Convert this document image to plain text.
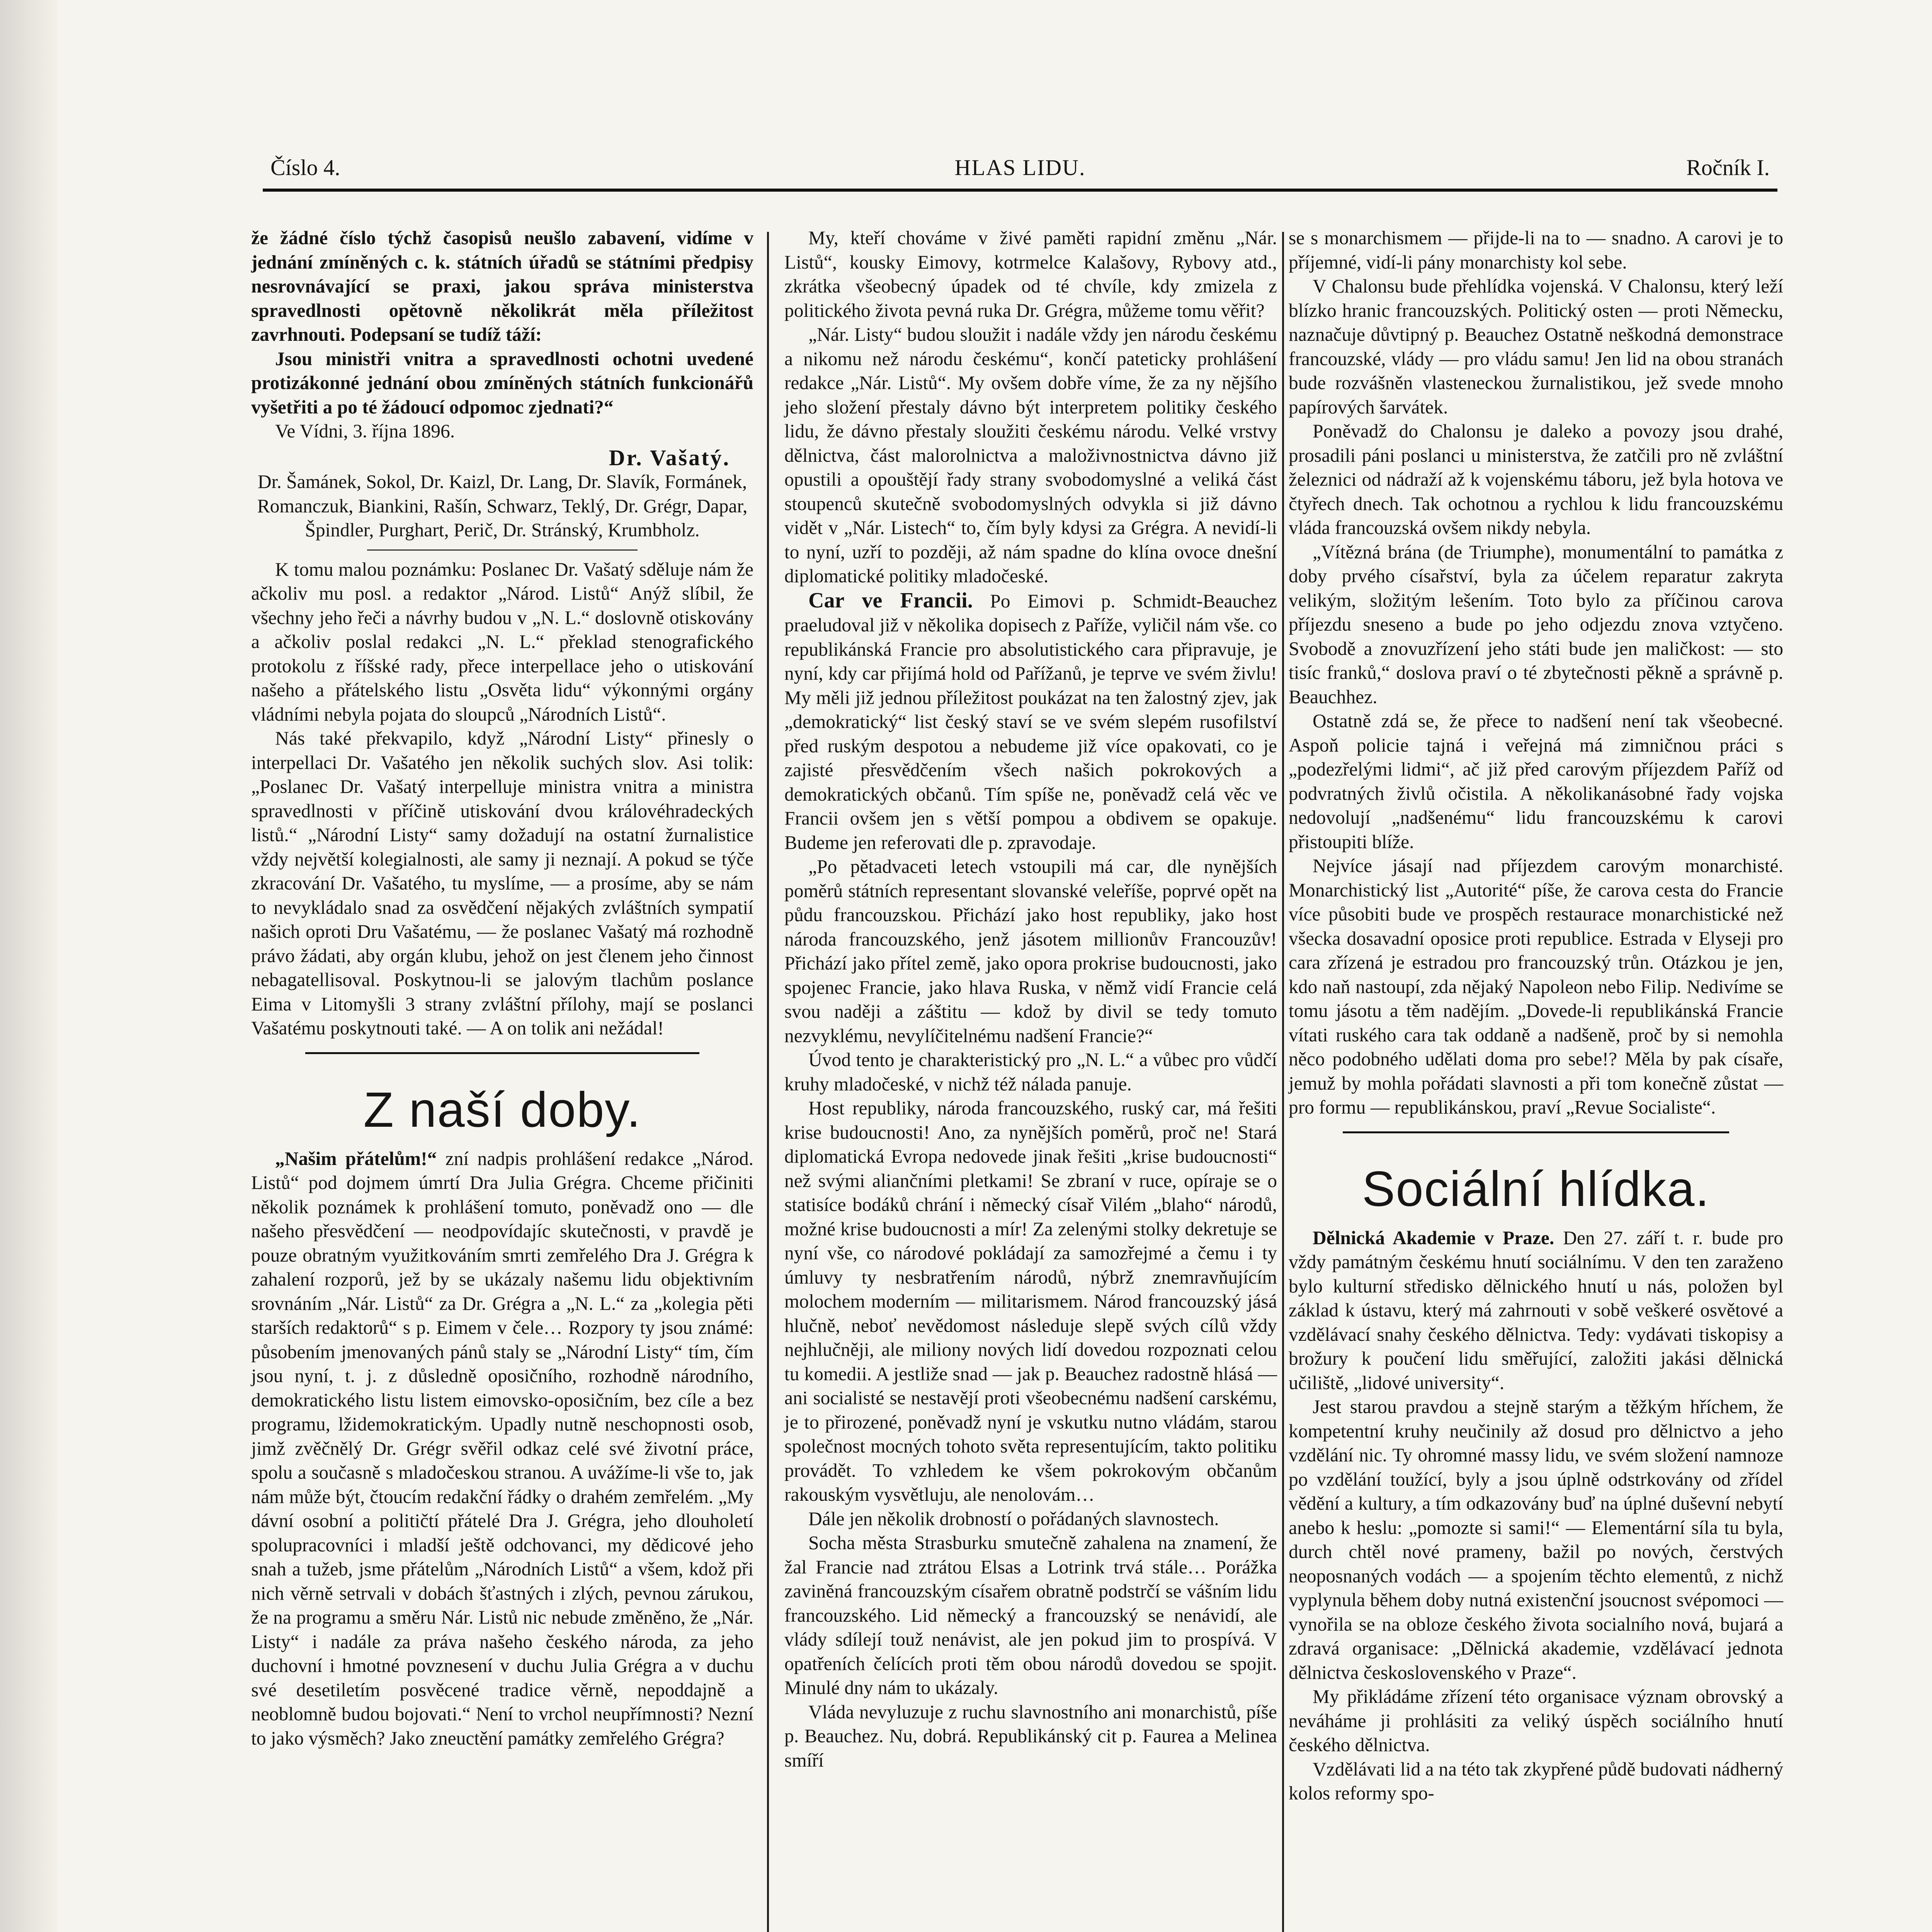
HLAS LIDU.
Číslo 4.	Ročník I.

že žádné číslo týchž časopisů neušlo zabavení, vidíme v jednání zmíněných c. k. státních úřadů se státními předpisy nesrovnávající se praxi, jakou správa ministerstva spravedlnosti opětovně několikrát měla příležitost zavrhnouti. Podepsaní se tudíž táží:

Jsou ministři vnitra a spravedlnosti ochotni uvedené protizákonné jednání obou zmíněných státních funkcionářů vyšetřiti a po té žádoucí odpomoc zjednati?“

Ve Vídni, 3. října 1896.

Dr. Vašatý.

Dr. Šamánek, Sokol, Dr. Kaizl, Dr. Lang, Dr. Slavík, Formánek, Romanczuk, Biankini, Rašín, Schwarz, Teklý, Dr. Grégr, Dapar, Špindler, Purghart, Perič, Dr. Stránský, Krumbholz.

K tomu malou poznámku: Poslanec Dr. Vašatý sděluje nám že ačkoliv mu posl. a redaktor „Národ. Listů“ Anýž slíbil, že všechny jeho řeči a návrhy budou v „N. L.“ doslovně otiskovány a ačkoliv poslal redakci „N. L.“ překlad stenografického protokolu z říšské rady, přece interpellace jeho o utiskování našeho a přátelského listu „Osvěta lidu“ výkonnými orgány vládními nebyla pojata do sloupců „Národních Listů“.

Nás také překvapilo, když „Národní Listy“ přinesly o interpellaci Dr. Vašatého jen několik suchých slov. Asi tolik: „Poslanec Dr. Vašatý interpelluje ministra vnitra a ministra spravedlnosti v příčině utiskování dvou královéhradeckých listů.“ „Národní Listy“ samy dožadují na ostatní žurnalistice vždy největší kolegialnosti, ale samy ji neznají. A pokud se týče zkracování Dr. Vašatého, tu myslíme, — a prosíme, aby se nám to nevykládalo snad za osvědčení nějakých zvláštních sympatií našich oproti Dru Vašatému, — že poslanec Vašatý má rozhodně právo žádati, aby orgán klubu, jehož on jest členem jeho činnost nebagatellisoval. Poskytnou-li se jalovým tlachům poslance Eima v Litomyšli 3 strany zvláštní přílohy, mají se poslanci Vašatému poskytnouti také. — A on tolik ani nežádal!

Z naší doby.

„Našim přátelům!“ zní nadpis prohlášení redakce „Národ. Listů“ pod dojmem úmrtí Dra Julia Grégra. Chceme přičiniti několik poznámek k prohlášení tomuto, poněvadž ono — dle našeho přesvědčení — neodpovídajíc skutečnosti, v pravdě je pouze obratným využitkováním smrti zemřelého Dra J. Grégra k zahalení rozporů, jež by se ukázaly našemu lidu objektivním srovnáním „Nár. Listů“ za Dr. Grégra a „N. L.“ za „kolegia pěti starších redaktorů“ s p. Eimem v čele… Rozpory ty jsou známé: působením jmenovaných pánů staly se „Národní Listy“ tím, čím jsou nyní, t. j. z důsledně oposičního, rozhodně národního, demokratického listu listem eimovsko-oposičním, bez cíle a bez programu, lžidemokratickým. Upadly nutně neschopnosti osob, jimž zvěčnělý Dr. Grégr svěřil odkaz celé své životní práce, spolu a současně s mladočeskou stranou. A uvážíme-li vše to, jak nám může být, čtoucím redakční řádky o drahém zemřelém. „My dávní osobní a političtí přátelé Dra J. Grégra, jeho dlouholetí spolupracovníci i mladší ještě odchovanci, my dědicové jeho snah a tužeb, jsme přátelům „Národních Listů“ a všem, kdož při nich věrně setrvali v dobách šťastných i zlých, pevnou zárukou, že na programu a směru Nár. Listů nic nebude změněno, že „Nár. Listy“ i nadále za práva našeho českého národa, za jeho duchovní i hmotné povznesení v duchu Julia Grégra a v duchu své desetiletím posvěcené tradice věrně, nepoddajně a neoblomně budou bojovati.“ Není to vrchol neupřímnosti? Nezní to jako výsměch? Jako zneuctění památky zemřelého Grégra?

My, kteří chováme v živé paměti rapidní změnu „Nár. Listů“, kousky Eimovy, kotrmelce Kalašovy, Rybovy atd., zkrátka všeobecný úpadek od té chvíle, kdy zmizela z politického života pevná ruka Dr. Grégra, můžeme tomu věřit?

„Nár. Listy“ budou sloužit i nadále vždy jen národu českému a nikomu než národu českému“, končí pateticky prohlášení redakce „Nár. Listů“. My ovšem dobře víme, že za ny nějšího jeho složení přestaly dávno být interpretem politiky českého lidu, že dávno přestaly sloužiti českému národu. Velké vrstvy dělnictva, část malorolnictva a maloživnostnictva dávno již opustili a opouštějí řady strany svobodomyslné a veliká část stoupenců skutečně svobodomyslných odvykla si již dávno vidět v „Nár. Listech“ to, čím byly kdysi za Grégra. A nevidí-li to nyní, uzří to později, až nám spadne do klína ovoce dnešní diplomatické politiky mladočeské.

Car ve Francii. Po Eimovi p. Schmidt-Beauchez praeludoval již v několika dopisech z Paříže, vyličil nám vše. co republikánská Francie pro absolutistického cara připravuje, je nyní, kdy car přijímá hold od Pařížanů, je teprve ve svém živlu! My měli již jednou příležitost poukázat na ten žalostný zjev, jak „demokratický“ list český staví se ve svém slepém rusofilství před ruským despotou a nebudeme již více opakovati, co je zajisté přesvědčením všech našich pokrokových a demokratických občanů. Tím spíše ne, poněvadž celá věc ve Francii ovšem jen s větší pompou a obdivem se opakuje. Budeme jen referovati dle p. zpravodaje.

„Po pětadvaceti letech vstoupili má car, dle nynějších poměrů státních representant slovanské veleříše, poprvé opět na půdu francouzskou. Přichází jako host republiky, jako host národa francouzského, jenž jásotem millionův Francouzův! Přichází jako přítel země, jako opora prokrise budoucnosti, jako spojenec Francie, jako hlava Ruska, v němž vidí Francie celá svou naději a záštitu — kdož by divil se tedy tomuto nezvyklému, nevylíčitelnému nadšení Francie?“

Úvod tento je charakteristický pro „N. L.“ a vůbec pro vůdčí kruhy mladočeské, v nichž též nálada panuje.

Host republiky, národa francouzského, ruský car, má řešiti krise budoucnosti! Ano, za nynějších poměrů, proč ne! Stará diplomatická Evropa nedovede jinak řešiti „krise budoucnosti“ než svými aliančními pletkami! Se zbraní v ruce, opíraje se o statisíce bodáků chrání i německý císař Vilém „blaho“ národů, možné krise budoucnosti a mír! Za zelenými stolky dekretuje se nyní vše, co národové pokládají za samozřejmé a čemu i ty úmluvy ty nesbratřením národů, nýbrž znemravňujícím molochem moderním — militarismem. Národ francouzský jásá hlučně, neboť nevědomost následuje slepě svých cílů vždy nejhlučněji, ale miliony nových lidí dovedou rozpoznati celou tu komedii. A jestliže snad — jak p. Beauchez radostně hlásá — ani socialisté se nestavějí proti všeobecnému nadšení carskému, je to přirozené, poněvadž nyní je vskutku nutno vládám, starou společnost mocných tohoto světa representujícím, takto politiku provádět. To vzhledem ke všem pokrokovým občanům rakouským vysvětluju, ale nenolovám…

Dále jen několik drobností o pořádaných slavnostech.

Socha města Strasburku smutečně zahalena na znamení, že žal Francie nad ztrátou Elsas a Lotrink trvá stále… Porážka zaviněná francouzským císařem obratně podstrčí se vášním lidu francouzského. Lid německý a francouzský se nenávidí, ale vlády sdílejí touž nenávist, ale jen pokud jim to prospívá. V opatřeních čelících proti těm obou národů dovedou se spojit. Minulé dny nám to ukázaly.

Vláda nevyluzuje z ruchu slavnostního ani monarchistů, píše p. Beauchez. Nu, dobrá. Republikánský cit p. Faurea a Melinea smíří

se s monarchismem — přijde-li na to — snadno. A carovi je to příjemné, vidí-li pány monarchisty kol sebe.

V Chalonsu bude přehlídka vojenská. V Chalonsu, který leží blízko hranic francouzských. Politický osten — proti Německu, naznačuje důvtipný p. Beauchez Ostatně neškodná demonstrace francouzské, vlády — pro vládu samu! Jen lid na obou stranách bude rozvášněn vlasteneckou žurnalistikou, jež svede mnoho papírových šarvátek.

Poněvadž do Chalonsu je daleko a povozy jsou drahé, prosadili páni poslanci u ministerstva, že zatčili pro ně zvláštní železnici od nádraží až k vojenskému táboru, jež byla hotova ve čtyřech dnech. Tak ochotnou a rychlou k lidu francouzskému vláda francouzská ovšem nikdy nebyla.

„Vítězná brána (de Triumphe), monumentální to památka z doby prvého císařství, byla za účelem reparatur zakryta velikým, složitým lešením. Toto bylo za příčinou carova příjezdu sneseno a bude po jeho odjezdu znova vztyčeno. Svobodě a znovuzřízení jeho státi bude jen maličkost: — sto tisíc franků,“ doslova praví o té zbytečnosti pěkně a správně p. Beauchhez.

Ostatně zdá se, že přece to nadšení není tak všeobecné. Aspoň policie tajná i veřejná má zimničnou práci s „podezřelými lidmi“, ač již před carovým příjezdem Paříž od podvratných živlů očistila. A několikanásobné řady vojska nedovolují „nadšenému“ lidu francouzskému k carovi přistoupiti blíže.

Nejvíce jásají nad příjezdem carovým monarchisté. Monarchistický list „Autorité“ píše, že carova cesta do Francie více působiti bude ve prospěch restaurace monarchistické než všecka dosavadní oposice proti republice. Estrada v Elyseji pro cara zřízená je estradou pro francouzský trůn. Otázkou je jen, kdo naň nastoupí, zda nějaký Napoleon nebo Filip. Nedivíme se tomu jásotu a těm nadějím. „Dovede-li republikánská Francie vítati ruského cara tak oddaně a nadšeně, proč by si nemohla něco podobného udělati doma pro sebe!? Měla by pak císaře, jemuž by mohla pořádati slavnosti a při tom konečně zůstat — pro formu — republikánskou, praví „Revue Socialiste“.

Sociální hlídka.

Dělnická Akademie v Praze. Den 27. září t. r. bude pro vždy památným českému hnutí sociálnímu. V den ten zaraženo bylo kulturní středisko dělnického hnutí u nás, položen byl základ k ústavu, který má zahrnouti v sobě veškeré osvětové a vzdělávací snahy českého dělnictva. Tedy: vydávati tiskopisy a brožury k poučení lidu směřující, založiti jakási dělnická učiliště, „lidové university“.

Jest starou pravdou a stejně starým a těžkým hříchem, že kompetentní kruhy neučinily až dosud pro dělnictvo a jeho vzdělání nic. Ty ohromné massy lidu, ve svém složení namnoze po vzdělání toužící, byly a jsou úplně odstrkovány od zřídel vědění a kultury, a tím odkazovány buď na úplné duševní nebytí anebo k heslu: „pomozte si sami!“ — Elementární síla tu byla, durch chtěl nové prameny, bažil po nových, čerstvých neoposnaných vodách — a spojením těchto elementů, z nichž vyplynula během doby nutná existenční jsoucnost svépomoci — vynořila se na obloze českého života socialního nová, bujará a zdravá organisace: „Dělnická akademie, vzdělávací jednota dělnictva československého v Praze“.

My přikládáme zřízení této organisace význam obrovský a neváháme ji prohlásiti za veliký úspěch sociálního hnutí českého dělnictva.

Vzdělávati lid a na této tak zkypřené půdě budovati nádherný kolos reformy spo-
